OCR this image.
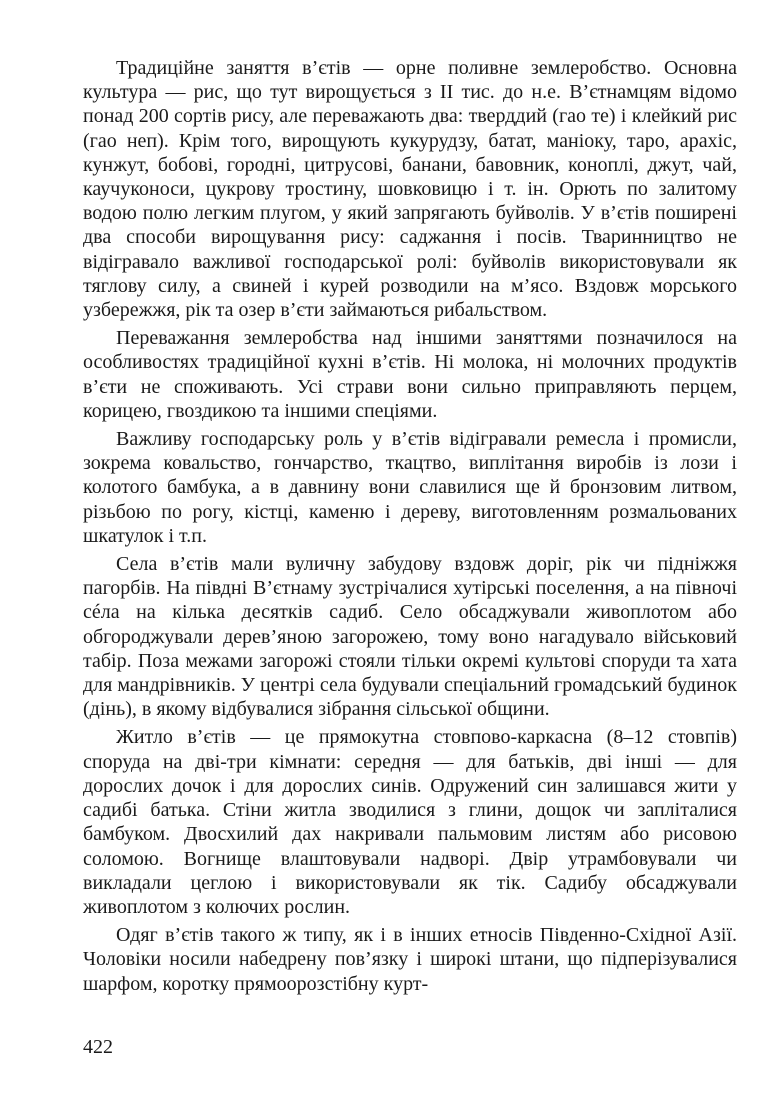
Традиційне заняття в’єтів — орне поливне землеробство. Основна культура — рис, що тут вирощується з II тис. до н.е. В’єтнамцям відомо понад 200 сортів рису, але переважають два: тверддий (гао те) і клейкий рис (гао неп). Крім того, вирощують кукурудзу, батат, маніоку, таро, арахіс, кунжут, бобові, городні, цитрусові, банани, бавовник, коноплі, джут, чай, каучуконоси, цукрову тростину, шовковицю і т. ін. Орють по залитому водою полю легким плугом, у який запрягають буйволів. У в’єтів поширені два способи вирощування рису: саджання і посів. Тваринництво не відігравало важливої господарської ролі: буйволів використовували як тяглову силу, а свиней і курей розводили на м’ясо. Вздовж морського узбережжя, рік та озер в’єти займаються рибальством.

Переважання землеробства над іншими заняттями позначилося на особливостях традиційної кухні в’єтів. Ні молока, ні молочних продуктів в’єти не споживають. Усі страви вони сильно приправляють перцем, корицею, гвоздикою та іншими спеціями.

Важливу господарську роль у в’єтів відігравали ремесла і промисли, зокрема ковальство, гончарство, ткацтво, виплітання виробів із лози і колотого бамбука, а в давнину вони славилися ще й бронзовим литвом, різьбою по рогу, кістці, каменю і дереву, виготовленням розмальованих шкатулок і т.п.

Села в’єтів мали вуличну забудову вздовж доріг, рік чи підніжжя пагорбів. На півдні В’єтнаму зустрічалися хутірські поселення, а на півночі сéла на кілька десятків садиб. Село обсаджували живоплотом або обгороджували дерев’яною загорожею, тому воно нагадувало військовий табір. Поза межами загорожі стояли тільки окремі культові споруди та хата для мандрівників. У центрі села будували спеціальний громадський будинок (дінь), в якому відбувалися зібрання сільської общини.

Житло в’єтів — це прямокутна стовпово-каркасна (8–12 стовпів) споруда на дві-три кімнати: середня — для батьків, дві інші — для дорослих дочок і для дорослих синів. Одружений син залишався жити у садибі батька. Стіни житла зводилися з глини, дощок чи запліталися бамбуком. Двосхилий дах накривали пальмовим листям або рисовою соломою. Вогнище влаштовували надворі. Двір утрамбовували чи викладали цеглою і використовували як тік. Садибу обсаджували живоплотом з колючих рослин.

Одяг в’єтів такого ж типу, як і в інших етносів Південно-Східної Азії. Чоловіки носили набедрену пов’язку і широкі штани, що підперізувалися шарфом, коротку прямоорозстібну курт-

422
